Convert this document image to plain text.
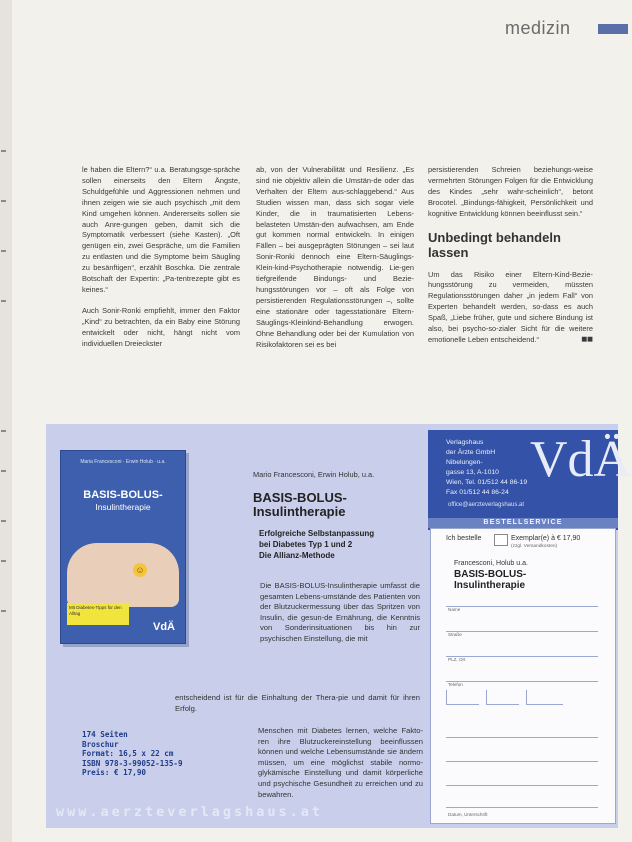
medizin

le haben die Eltern?“ u.a. Beratungsge-spräche sollen einerseits den Eltern Ängste, Schuldgefühle und Aggressionen nehmen und ihnen zeigen wie sie auch psychisch „mit dem Kind umgehen können. Andererseits sollen sie auch Anre-gungen geben, damit sich die Symptomatik verbessert (siehe Kasten). „Oft genügen ein, zwei Gespräche, um die Familien zu entlasten und die Symptome beim Säugling zu besänftigen“, erzählt Boschka. Die zentrale Botschaft der Expertin: „Pa-tentrezepte gibt es keines.“

Auch Sonir-Ronki empfiehlt, immer den Faktor „Kind“ zu betrachten, da ein Baby eine Störung entwickelt oder nicht, hängt nicht vom individuellen Dreieckster

ab, von der Vulnerabilität und Resilienz. „Es sind nie objektiv allein die Umstän-de oder das Verhalten der Eltern aus-schlaggebend.“ Aus Studien wissen man, dass sich sogar viele Kinder, die in traumatisierten Lebens- belasteten Umstän-den aufwachsen, am Ende gut kommen normal entwickeln. In einigen Fällen – bei ausgeprägten Störungen – sei laut Sonir-Ronki dennoch eine Eltern-Säuglings-Klein-kind-Psychotherapie notwendig. Lie-gen tiefgreifende Bindungs- und Bezie-hungsstörungen vor – oft als Folge von persistierenden Regulationsstörungen –, sollte eine stationäre oder tagesstationäre Eltern-Säuglings-Kleinkind-Behandlung erwogen. Ohne Behandlung oder bei der Kumulation von Risikofaktoren sei es bei

persistierenden Schreien beziehungs-weise vermehrten Störungen Folgen für die Entwicklung des Kindes „sehr wahr-scheinlich“, betont Brocotel. „Bindungs-fähigkeit, Persönlichkeit und kognitive Entwicklung können beeinflusst sein.“

Unbedingt behandeln lassen

Um das Risiko einer Eltern-Kind-Bezie-hungsstörung zu vermeiden, müssten Regulationsstörungen daher „in jedem Fall“ von Experten behandelt werden, so-dass es auch Spaß, „Liebe früher, gute und sichere Bindung ist also, bei psycho-so-zialer Sicht für die weitere emotionelle Leben entscheidend.“	◼◼

Maria Francesconi · Erwin Holub · u.a.
BASIS-BOLUS-
Insulintherapie
☺
Mit Diabetes-Tipps für den Alltag
VdÄ
174 Seiten
Broschur
Format: 16,5 x 22 cm
ISBN 978-3-99052-135-9
Preis: € 17,90
Mario Francesconi, Erwin Holub, u.a.
BASIS-BOLUS-
Insulintherapie
Erfolgreiche Selbstanpassung
bei Diabetes Typ 1 und 2
Die Allianz-Methode
Die BASIS-BOLUS-Insulintherapie umfasst die gesamten Lebens-umstände des Patienten von der Blutzuckermessung über das Spritzen von Insulin, die gesun-de Ernährung, die Kenntnis von Sonderinsituationen bis hin zur psychischen Einstellung, die mit
entscheidend ist für die Einhaltung der Thera-pie und damit für ihren Erfolg.
Menschen mit Diabetes lernen, welche Fakto-ren ihre Blutzuckereinstellung beeinflussen können und welche Lebensumstände sie ändern müssen, um eine möglichst stabile normo-glykämische Einstellung und damit körperliche und psychische Gesundheit zu erreichen und zu bewahren.
www.aerzteverlagshaus.at
Verlagshaus
der Ärzte GmbH
Nibelungen-
gasse 13, A-1010
Wien, Tel. 01/512 44 86-19
Fax 01/512 44 86-24
VdÄ
office@aerzteverlagshaus.at
BESTELLSERVICE
Ich bestelle	Exemplar(e) à € 17,90
(zzgl. Versandkosten)
Francesconi, Holub u.a.
BASIS-BOLUS-
Insulintherapie
Name
Straße
PLZ, Ort
Telefon
Datum, Unterschrift
